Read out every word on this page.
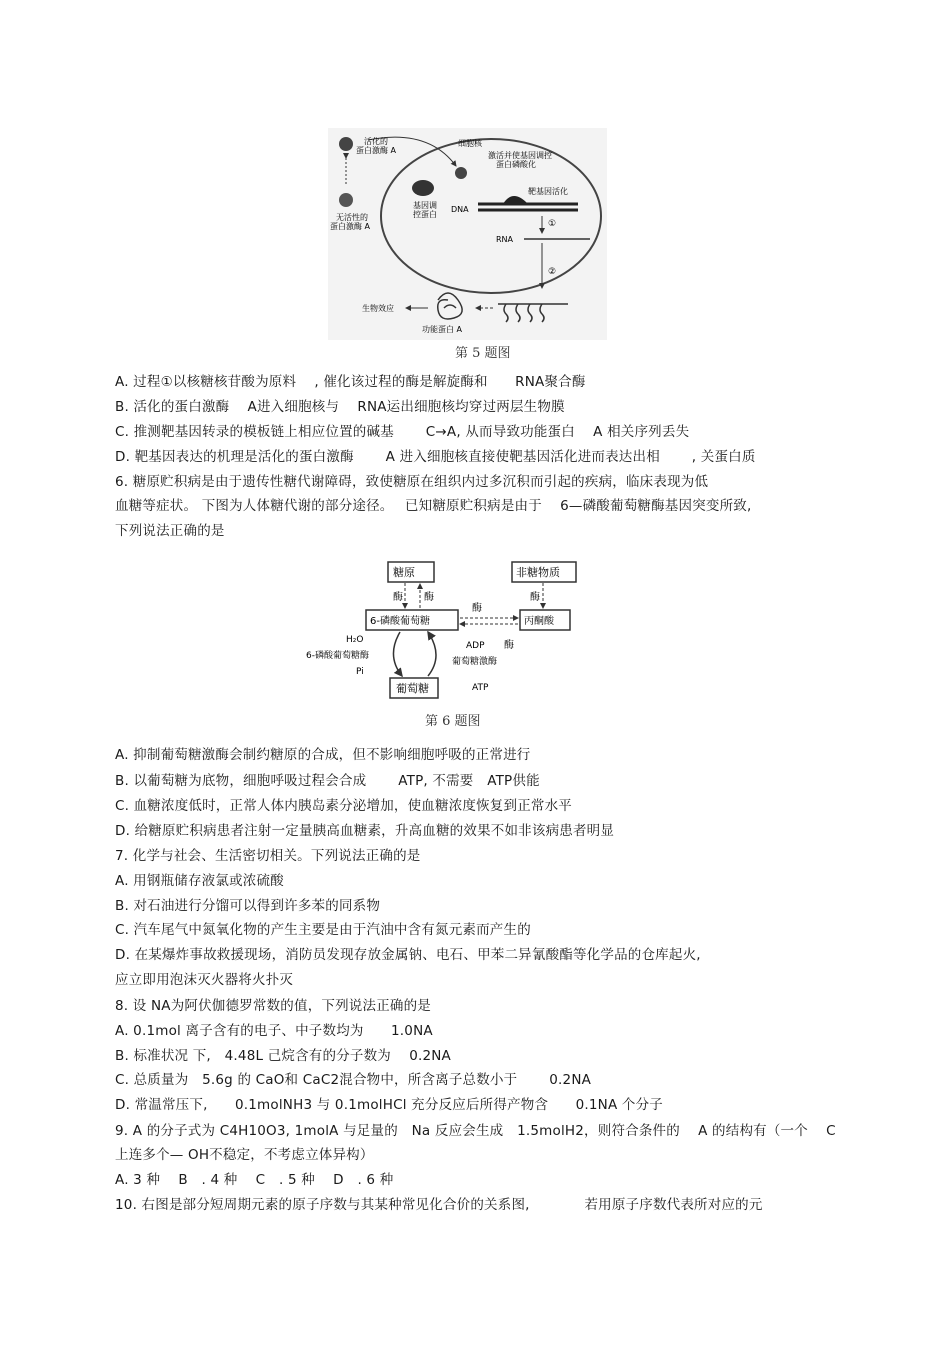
活化的蛋白激酶 A
细胞核
激活并使基因调控蛋白磷酸化
靶基因活化
无活性的蛋白激酶 A
基因调控蛋白
DNA
RNA
①
②
生物效应
功能蛋白 A
第 5 题图
A. 过程①以核糖核苷酸为原料　 , 催化该过程的酶是解旋酶和　　RNA聚合酶
B. 活化的蛋白激酶　 A进入细胞核与　 RNA运出细胞核均穿过两层生物膜
C. 推测靶基因转录的模板链上相应位置的碱基　　 C→A, 从而导致功能蛋白　 A 相关序列丢失
D. 靶基因表达的机理是活化的蛋白激酶　　 A 进入细胞核直接使靶基因活化进而表达出相　　 , 关蛋白质
6. 糖原贮积病是由于遗传性糖代谢障碍，致使糖原在组织内过多沉积而引起的疾病，临床表现为低
血糖等症状。 下图为人体糖代谢的部分途径。　 已知糖原贮积病是由于　 6—磷酸葡萄糖酶基因突变所致,
下列说法正确的是
糖原	非糖物质
酶 酶
酶
酶
6-磷酸葡萄糖	丙酮酸
H₂O
6-磷酸葡萄糖酶
Pi
ADP 酶
葡萄糖激酶
ATP
葡萄糖
第 6 题图
A. 抑制葡萄糖激酶会制约糖原的合成，但不影响细胞呼吸的正常进行
B. 以葡萄糖为底物，细胞呼吸过程会合成　　 ATP, 不需要　ATP供能
C. 血糖浓度低时，正常人体内胰岛素分泌增加，使血糖浓度恢复到正常水平
D. 给糖原贮积病患者注射一定量胰高血糖素，升高血糖的效果不如非该病患者明显
7. 化学与社会、生活密切相关。下列说法正确的是
A. 用钢瓶储存液氯或浓硫酸
B. 对石油进行分馏可以得到许多苯的同系物
C. 汽车尾气中氮氧化物的产生主要是由于汽油中含有氮元素而产生的
D. 在某爆炸事故救援现场，消防员发现存放金属钠、电石、甲苯二异氰酸酯等化学品的仓库起火,
应立即用泡沫灭火器将火扑灭
8. 设 NA为阿伏伽德罗常数的值，下列说法正确的是
A. 0.1mol 离子含有的电子、中子数均为　　1.0NA
B. 标准状况 下,　4.48L 己烷含有的分子数为　 0.2NA
C. 总质量为　5.6g 的 CaO和 CaC2混合物中，所含离子总数小于　　 0.2NA
D. 常温常压下,　　0.1molNH3 与 0.1molHCl 充分反应后所得产物含　　0.1NA 个分子
9. A 的分子式为 C4H10O3, 1molA 与足量的　Na 反应会生成　1.5molH2，则符合条件的　 A 的结构有（一个　 C
上连多个— OH不稳定，不考虑立体异构）
A. 3 种　 B　. 4 种　 C　. 5 种　 D　. 6 种
10. 右图是部分短周期元素的原子序数与其某种常见化合价的关系图,　　　　若用原子序数代表所对应的元
